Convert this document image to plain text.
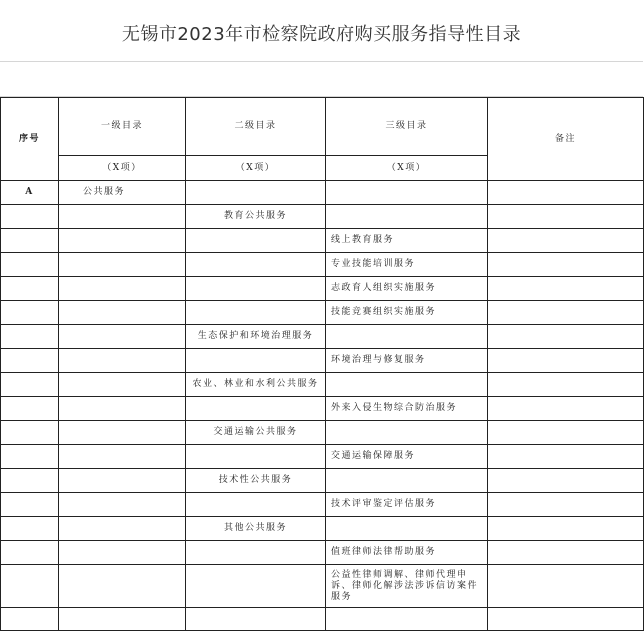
无锡市2023年市检察院政府购买服务指导性目录
序号	一级目录	二级目录	三级目录	备注
	（X项）	（X项）	（X项）	
A	公共服务			
		教育公共服务		
			线上教育服务	
			专业技能培训服务	
			志政育人组织实施服务	
			技能竞赛组织实施服务	
		生态保护和环境治理服务		
			环境治理与修复服务	
		农业、林业和水利公共服务		
			外来入侵生物综合防治服务	
		交通运输公共服务		
			交通运输保障服务	
		技术性公共服务		
			技术评审鉴定评估服务	
		其他公共服务		
			值班律师法律帮助服务	
			公益性律师调解、律师代理申诉、律师化解涉法涉诉信访案件服务	
